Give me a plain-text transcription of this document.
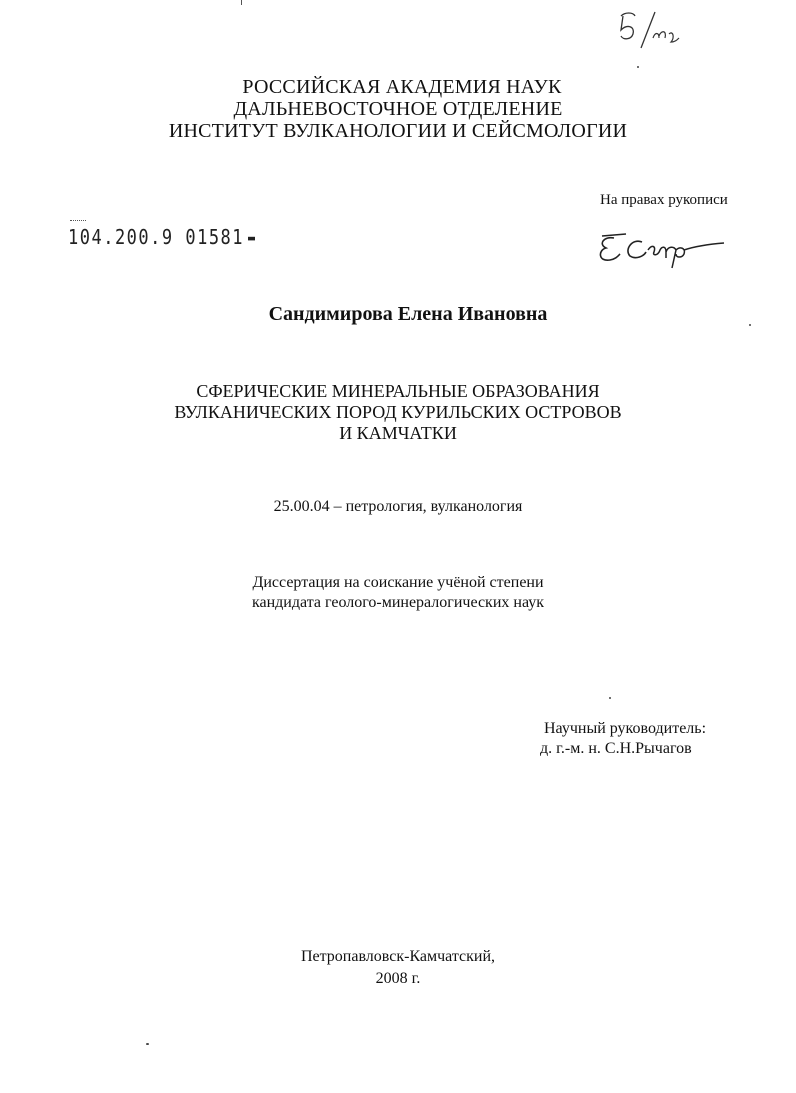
РОССИЙСКАЯ АКАДЕМИЯ НАУК
ДАЛЬНЕВОСТОЧНОЕ ОТДЕЛЕНИЕ
ИНСТИТУТ ВУЛКАНОЛОГИИ И СЕЙСМОЛОГИИ
На правах рукописи
104.200.9 01581
Сандимирова Елена Ивановна
СФЕРИЧЕСКИЕ МИНЕРАЛЬНЫЕ ОБРАЗОВАНИЯ
ВУЛКАНИЧЕСКИХ ПОРОД КУРИЛЬСКИХ ОСТРОВОВ
И КАМЧАТКИ
25.00.04 – петрология, вулканология
Диссертация на соискание учёной степени
кандидата геолого-минералогических наук
Научный руководитель:
д. г.-м. н. С.Н.Рычагов
Петропавловск-Камчатский,
2008 г.
